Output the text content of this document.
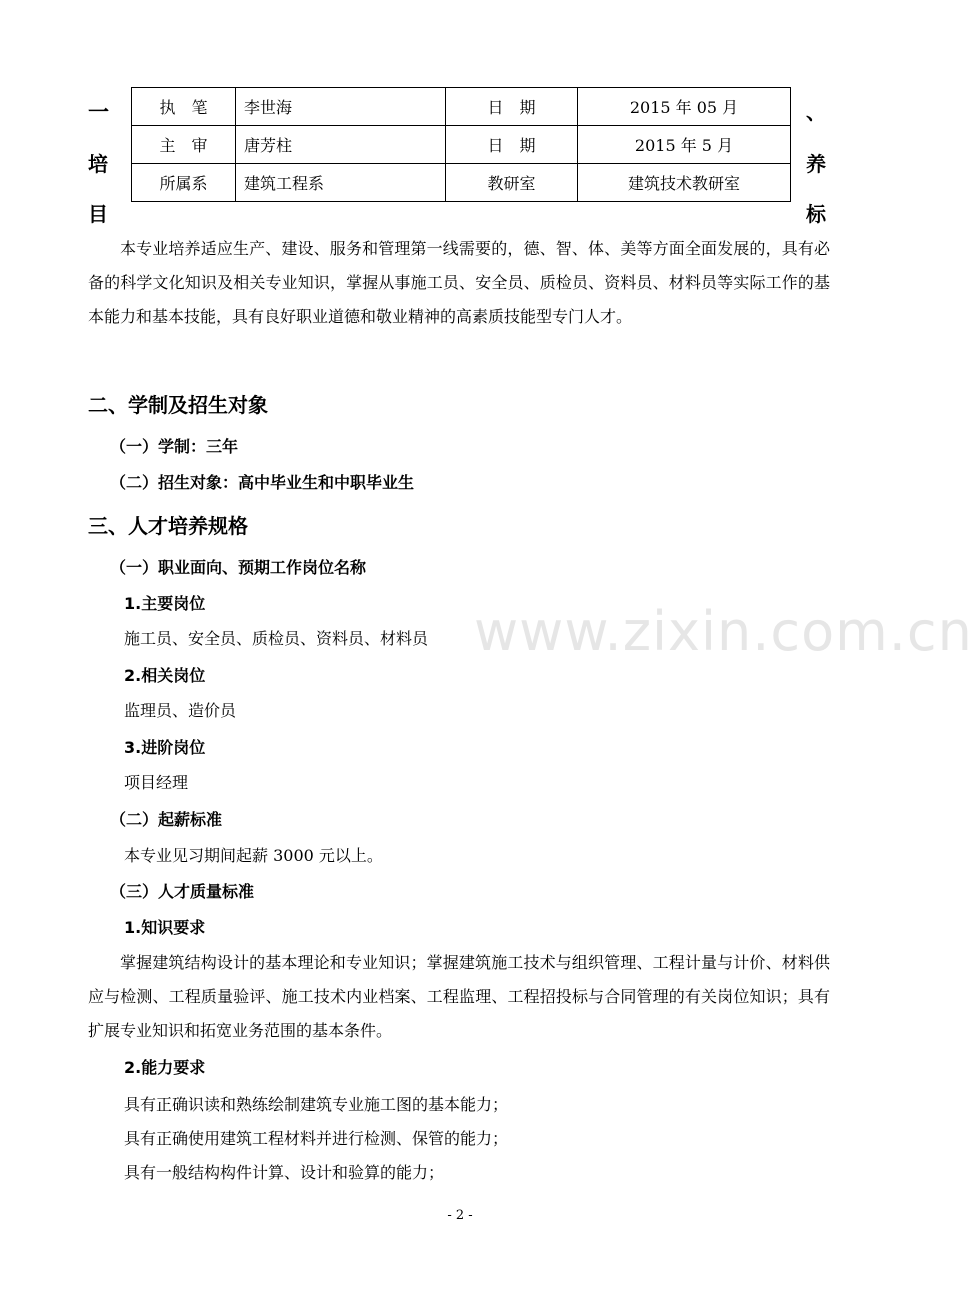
一
培
目
、
养
标
执　笔	李世海	日　期	2015 年 05 月
主　审	唐芳柱	日　期	2015 年 5 月
所属系	建筑工程系	教研室	建筑技术教研室
本专业培养适应生产、建设、服务和管理第一线需要的，德、智、体、美等方面全面发展的，具有必备的科学文化知识及相关专业知识，掌握从事施工员、安全员、质检员、资料员、材料员等实际工作的基本能力和基本技能，具有良好职业道德和敬业精神的高素质技能型专门人才。
二、学制及招生对象
（一）学制：三年
（二）招生对象：高中毕业生和中职毕业生
三、人才培养规格
（一）职业面向、预期工作岗位名称
1.主要岗位
施工员、安全员、质检员、资料员、材料员
2.相关岗位
监理员、造价员
3.进阶岗位
项目经理
（二）起薪标准
本专业见习期间起薪 3000 元以上。
（三）人才质量标准
1.知识要求
掌握建筑结构设计的基本理论和专业知识；掌握建筑施工技术与组织管理、工程计量与计价、材料供应与检测、工程质量验评、施工技术内业档案、工程监理、工程招投标与合同管理的有关岗位知识；具有扩展专业知识和拓宽业务范围的基本条件。
2.能力要求
具有正确识读和熟练绘制建筑专业施工图的基本能力；
具有正确使用建筑工程材料并进行检测、保管的能力；
具有一般结构构件计算、设计和验算的能力；
www.zixin.com.cn
- 2 -
